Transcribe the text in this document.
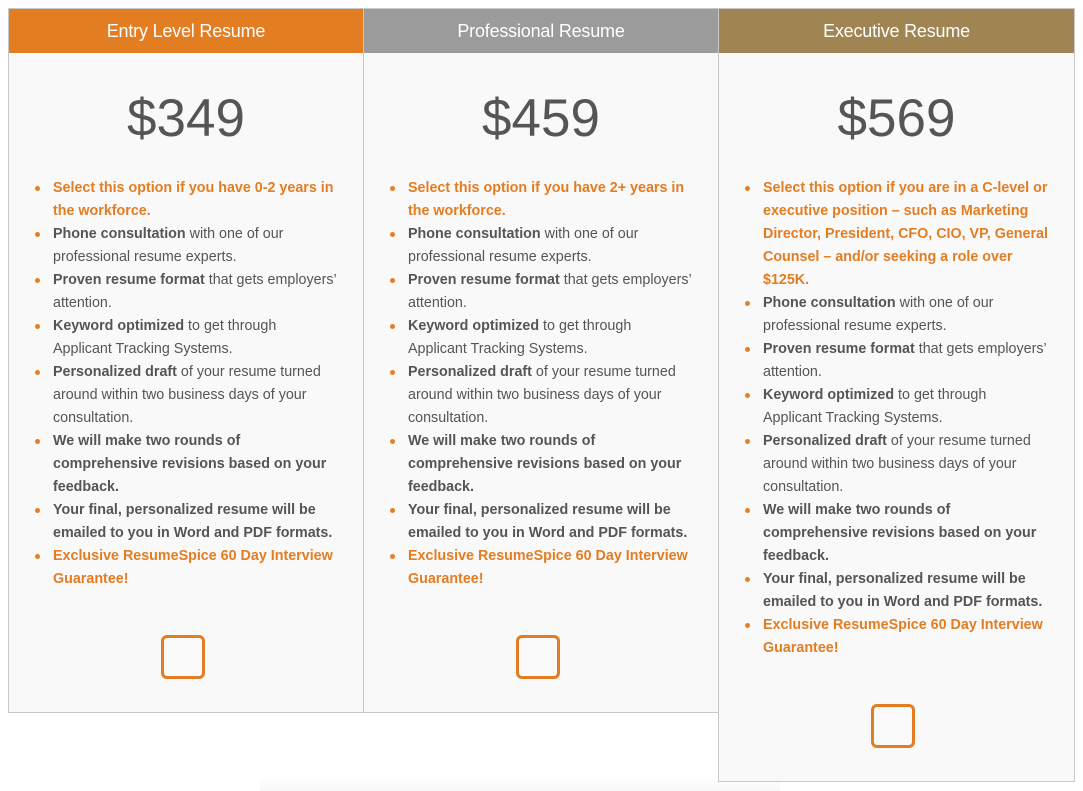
Entry Level Resume
$349
Select this option if you have 0-2 years in the workforce.
Phone consultation with one of our professional resume experts.
Proven resume format that gets employers’ attention.
Keyword optimized to get through Applicant Tracking Systems.
Personalized draft of your resume turned around within two business days of your consultation.
We will make two rounds of comprehensive revisions based on your feedback.
Your final, personalized resume will be emailed to you in Word and PDF formats.
Exclusive ResumeSpice 60 Day Interview Guarantee!
Professional Resume
$459
Select this option if you have 2+ years in the workforce.
Phone consultation with one of our professional resume experts.
Proven resume format that gets employers’ attention.
Keyword optimized to get through Applicant Tracking Systems.
Personalized draft of your resume turned around within two business days of your consultation.
We will make two rounds of comprehensive revisions based on your feedback.
Your final, personalized resume will be emailed to you in Word and PDF formats.
Exclusive ResumeSpice 60 Day Interview Guarantee!
Executive Resume
$569
Select this option if you are in a C-level or executive position – such as Marketing Director, President, CFO, CIO, VP, General Counsel – and/or seeking a role over $125K.
Phone consultation with one of our professional resume experts.
Proven resume format that gets employers’ attention.
Keyword optimized to get through Applicant Tracking Systems.
Personalized draft of your resume turned around within two business days of your consultation.
We will make two rounds of comprehensive revisions based on your feedback.
Your final, personalized resume will be emailed to you in Word and PDF formats.
Exclusive ResumeSpice 60 Day Interview Guarantee!
